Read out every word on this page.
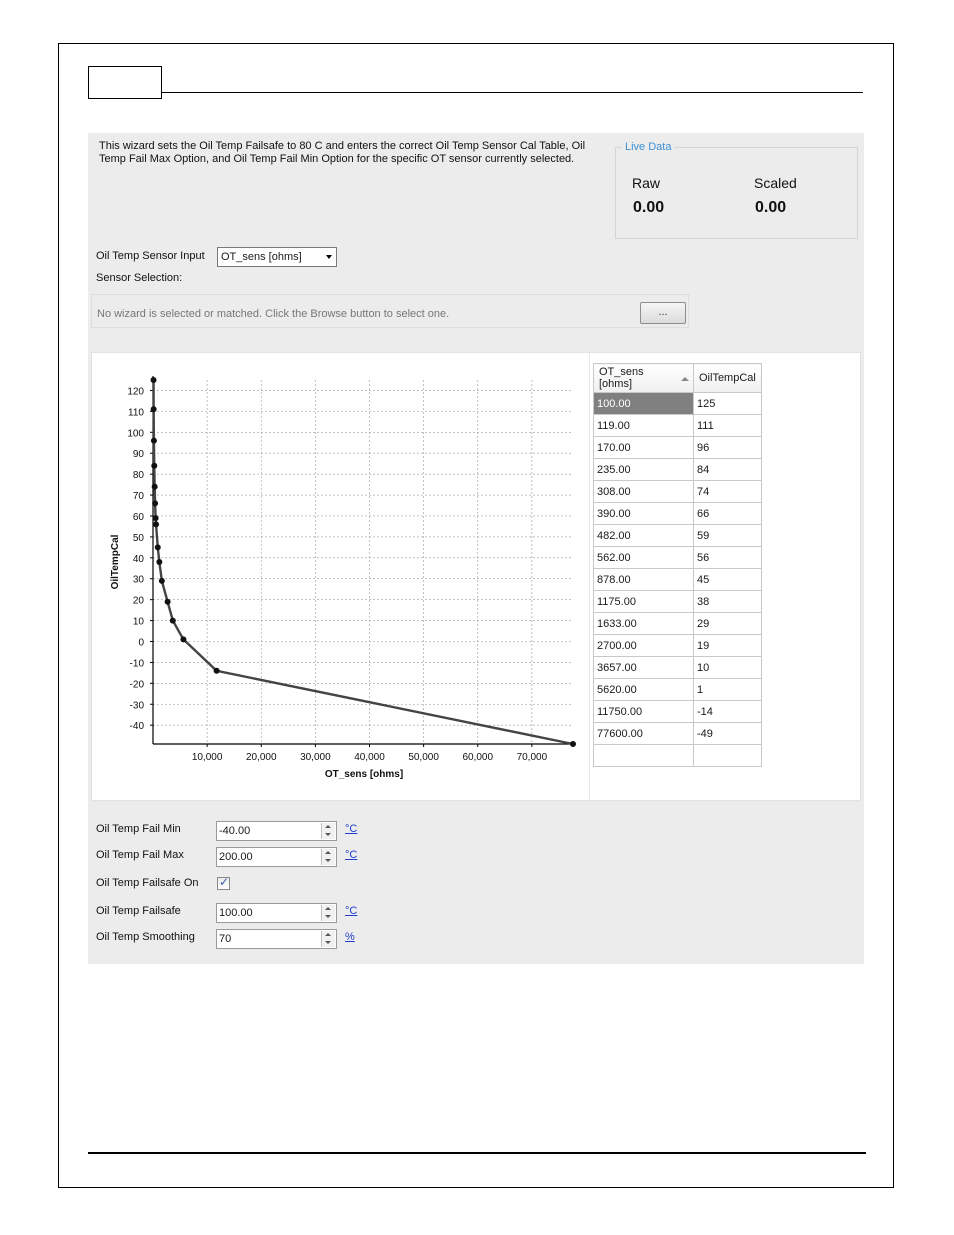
This wizard sets the Oil Temp Failsafe to 80 C and enters the correct Oil Temp Sensor Cal Table, Oil Temp Fail Max Option, and Oil Temp Fail Min Option for the specific OT sensor currently selected.
Live Data
Raw
0.00
Scaled
0.00
Oil Temp Sensor Input OT_sens [ohms]
Sensor Selection:
No wizard is selected or matched. Click the Browse button to select one.	...
120
110
100
90
80
70
60
50
40
30
20
10
0
-10
-20
-30
-40
10,000 20,000 30,000 40,000 50,000 60,000 70,000
OT_sens [ohms]
OilTempCal
OT_sens [ohms]	OilTempCal
100.00	125
119.00	111
170.00	96
235.00	84
308.00	74
390.00	66
482.00	59
562.00	56
878.00	45
1175.00	38
1633.00	29
2700.00	19
3657.00	10
5620.00	1
11750.00	-14
77600.00	-49

Oil Temp Fail Min	-40.00	°C
Oil Temp Fail Max	200.00	°C
Oil Temp Failsafe On ✓
Oil Temp Failsafe	100.00	°C
Oil Temp Smoothing 70	%
